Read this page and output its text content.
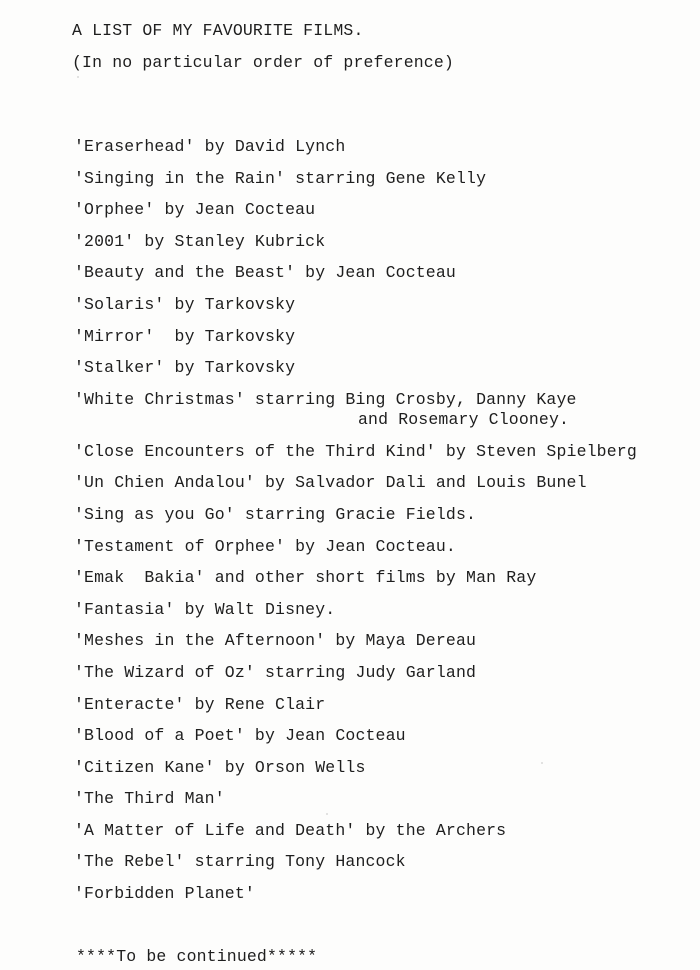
A LIST OF MY FAVOURITE FILMS.
(In no particular order of preference)
'Eraserhead' by David Lynch
'Singing in the Rain' starring Gene Kelly
'Orphee' by Jean Cocteau
'2001' by Stanley Kubrick
'Beauty and the Beast' by Jean Cocteau
'Solaris' by Tarkovsky
'Mirror'  by Tarkovsky
'Stalker' by Tarkovsky
'White Christmas' starring Bing Crosby, Danny Kaye
and Rosemary Clooney.
'Close Encounters of the Third Kind' by Steven Spielberg
'Un Chien Andalou' by Salvador Dali and Louis Bunel
'Sing as you Go' starring Gracie Fields.
'Testament of Orphee' by Jean Cocteau.
'Emak  Bakia' and other short films by Man Ray
'Fantasia' by Walt Disney.
'Meshes in the Afternoon' by Maya Dereau
'The Wizard of Oz' starring Judy Garland
'Enteracte' by Rene Clair
'Blood of a Poet' by Jean Cocteau
'Citizen Kane' by Orson Wells
'The Third Man'
'A Matter of Life and Death' by the Archers
'The Rebel' starring Tony Hancock
'Forbidden Planet'
****To be continued*****
